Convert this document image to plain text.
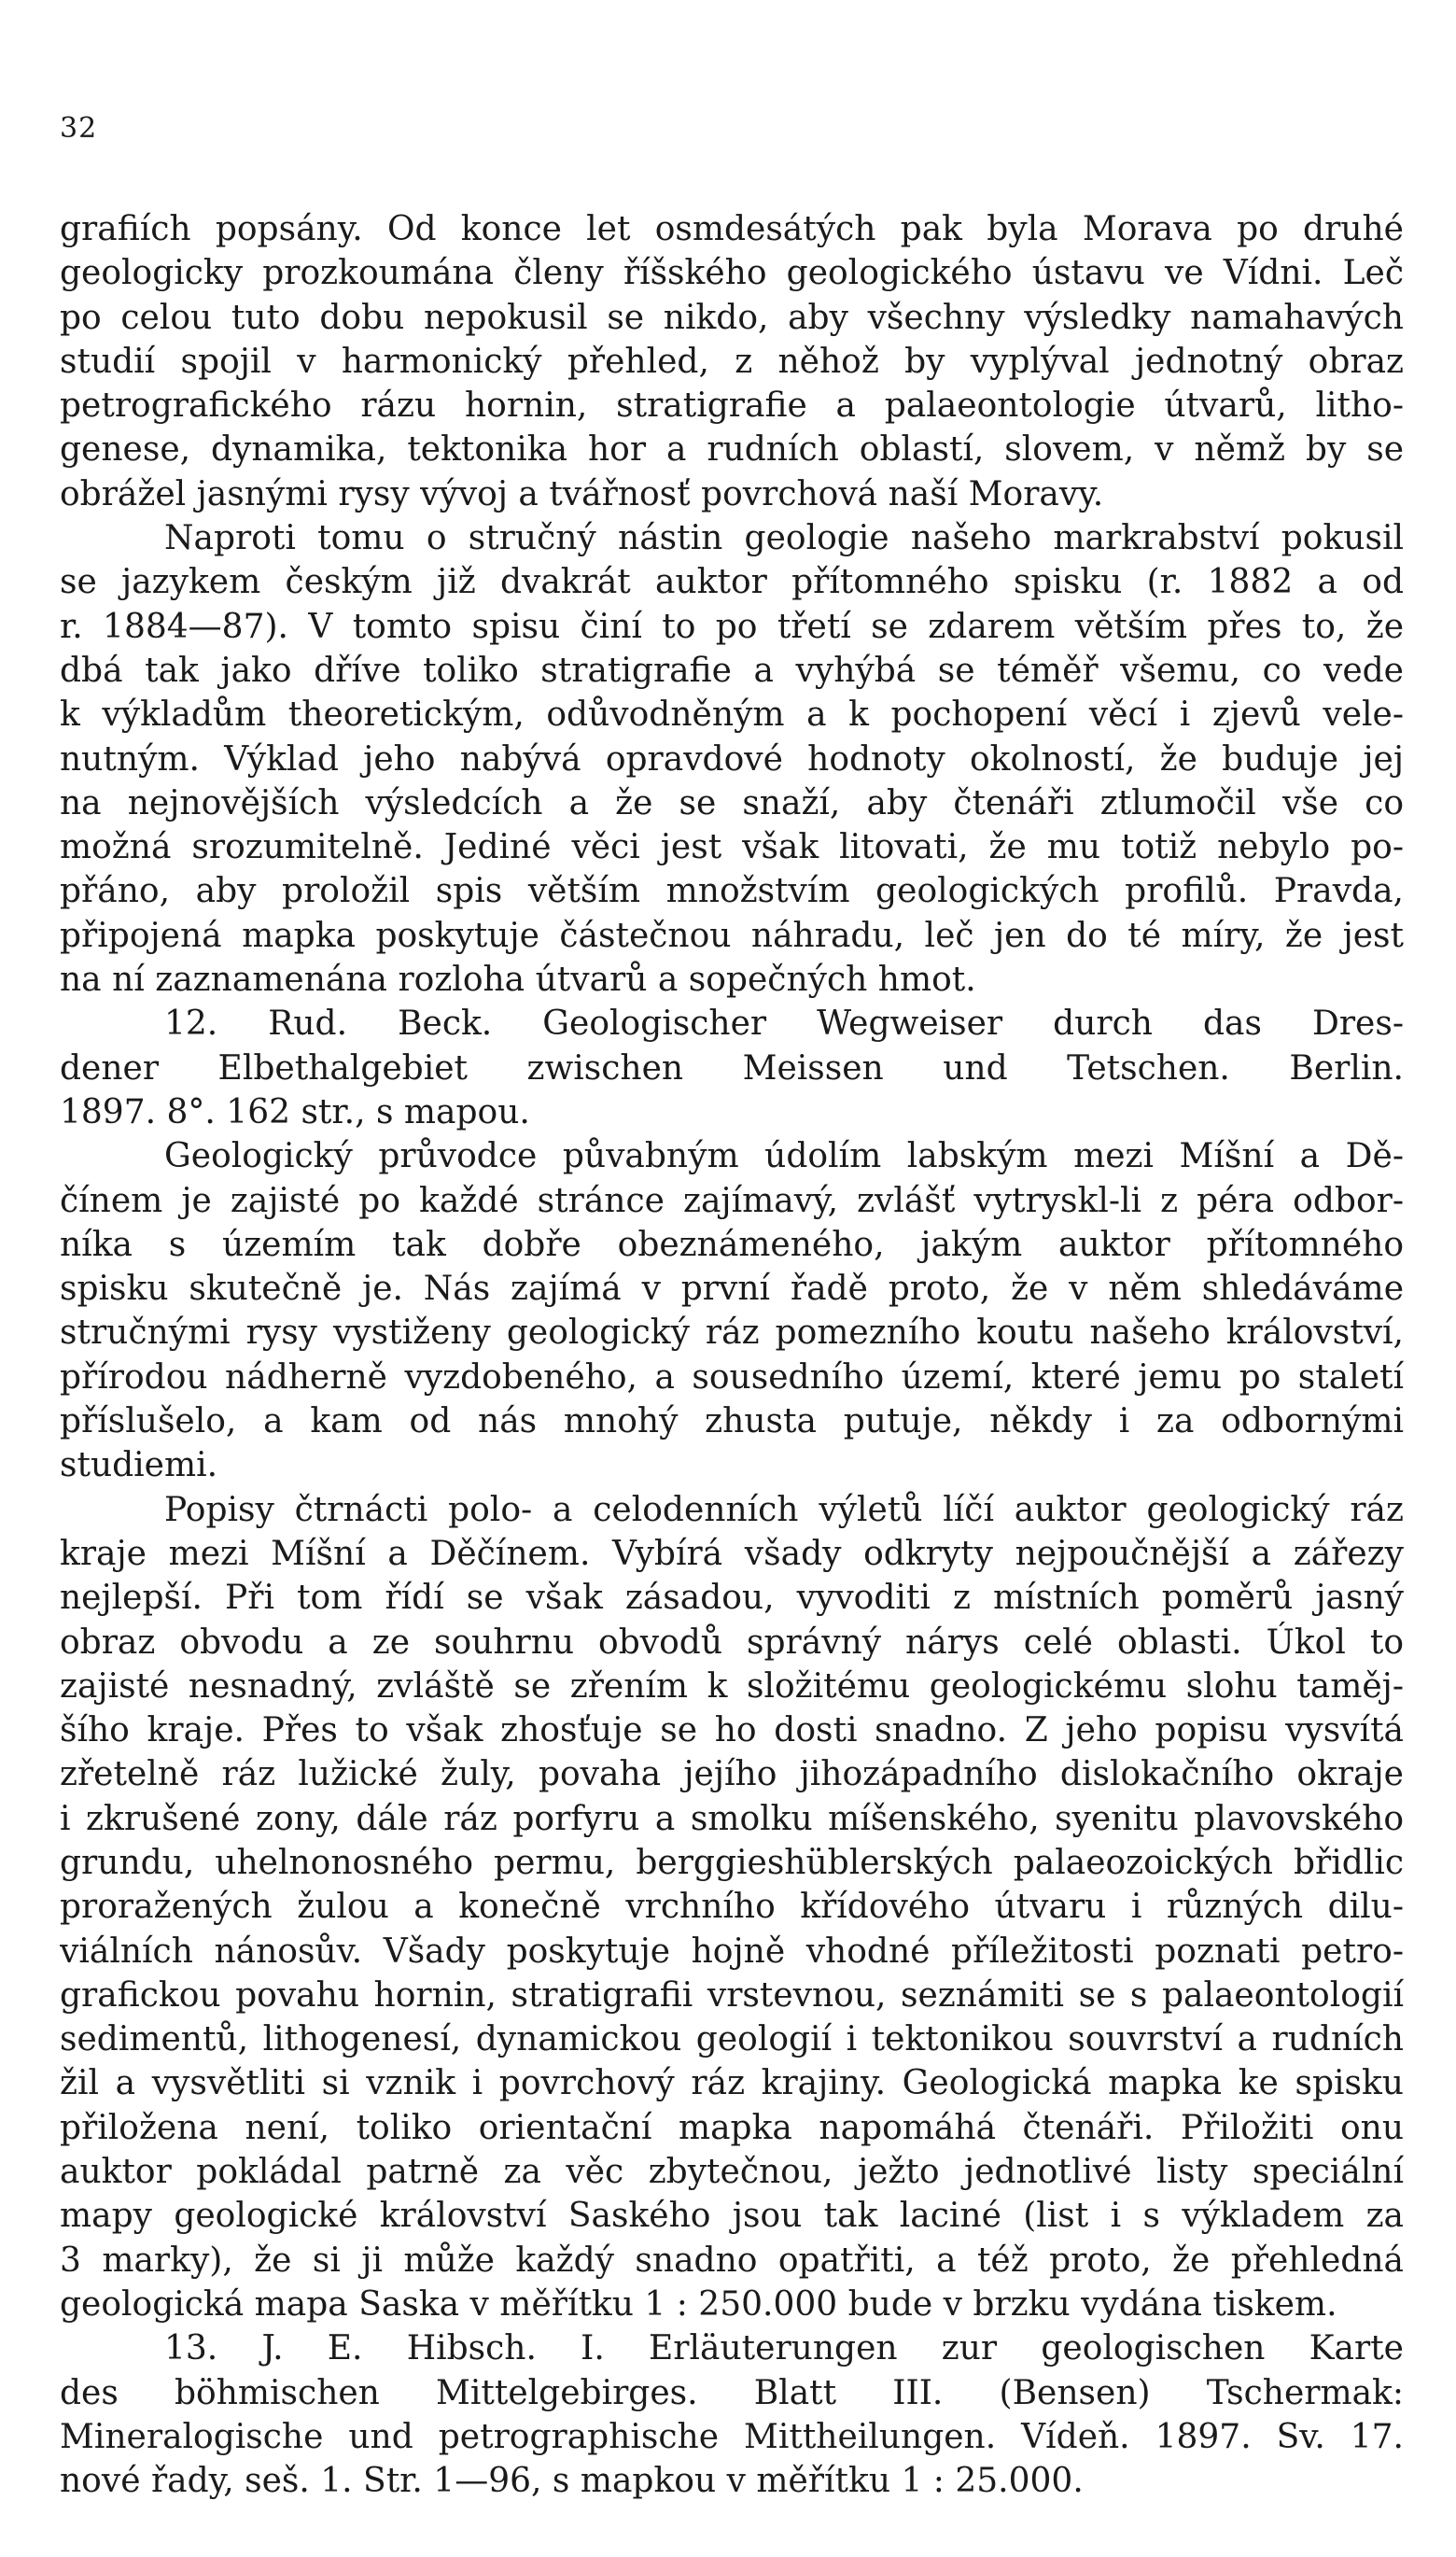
32
grafiích popsány. Od konce let osmdesátých pak byla Morava po druhé
geologicky prozkoumána členy říšského geologického ústavu ve Vídni. Leč
po celou tuto dobu nepokusil se nikdo, aby všechny výsledky namahavých
studií spojil v harmonický přehled, z něhož by vyplýval jednotný obraz
petrografického rázu hornin, stratigrafie a palaeontologie útvarů, litho-
genese, dynamika, tektonika hor a rudních oblastí, slovem, v němž by se
obrážel jasnými rysy vývoj a tvářnosť povrchová naší Moravy.
Naproti tomu o stručný nástin geologie našeho markrabství pokusil
se jazykem českým již dvakrát auktor přítomného spisku (r. 1882 a od
r. 1884—87). V tomto spisu činí to po třetí se zdarem větším přes to, že
dbá tak jako dříve toliko stratigrafie a vyhýbá se téměř všemu, co vede
k výkladům theoretickým, odůvodněným a k pochopení věcí i zjevů vele-
nutným. Výklad jeho nabývá opravdové hodnoty okolností, že buduje jej
na nejnovějších výsledcích a že se snaží, aby čtenáři ztlumočil vše co
možná srozumitelně. Jediné věci jest však litovati, že mu totiž nebylo po-
přáno, aby proložil spis větším množstvím geologických profilů. Pravda,
připojená mapka poskytuje částečnou náhradu, leč jen do té míry, že jest
na ní zaznamenána rozloha útvarů a sopečných hmot.
12. Rud. Beck. Geologischer Wegweiser durch das Dres-
dener Elbethalgebiet zwischen Meissen und Tetschen. Berlin.
1897. 8°. 162 str., s mapou.
Geologický průvodce půvabným údolím labským mezi Míšní a Dě-
čínem je zajisté po každé stránce zajímavý, zvlášť vytryskl-li z péra odbor-
níka s územím tak dobře obeznámeného, jakým auktor přítomného
spisku skutečně je. Nás zajímá v první řadě proto, že v něm shledáváme
stručnými rysy vystiženy geologický ráz pomezního koutu našeho království,
přírodou nádherně vyzdobeného, a sousedního území, které jemu po staletí
příslušelo, a kam od nás mnohý zhusta putuje, někdy i za odbornými
studiemi.
Popisy čtrnácti polo- a celodenních výletů líčí auktor geologický ráz
kraje mezi Míšní a Děčínem. Vybírá všady odkryty nejpoučnější a zářezy
nejlepší. Při tom řídí se však zásadou, vyvoditi z místních poměrů jasný
obraz obvodu a ze souhrnu obvodů správný nárys celé oblasti. Úkol to
zajisté nesnadný, zvláště se zřením k složitému geologickému slohu taměj-
šího kraje. Přes to však zhosťuje se ho dosti snadno. Z jeho popisu vysvítá
zřetelně ráz lužické žuly, povaha jejího jihozápadního dislokačního okraje
i zkrušené zony, dále ráz porfyru a smolku míšenského, syenitu plavovského
grundu, uhelnonosného permu, berggieshüblerských palaeozoických břidlic
proražených žulou a konečně vrchního křídového útvaru i různých dilu-
viálních nánosův. Všady poskytuje hojně vhodné příležitosti poznati petro-
grafickou povahu hornin, stratigrafii vrstevnou, seznámiti se s palaeontologií
sedimentů, lithogenesí, dynamickou geologií i tektonikou souvrství a rudních
žil a vysvětliti si vznik i povrchový ráz krajiny. Geologická mapka ke spisku
přiložena není, toliko orientační mapka napomáhá čtenáři. Přiložiti onu
auktor pokládal patrně za věc zbytečnou, ježto jednotlivé listy speciální
mapy geologické království Saského jsou tak laciné (list i s výkladem za
3 marky), že si ji může každý snadno opatřiti, a též proto, že přehledná
geologická mapa Saska v měřítku 1 : 250.000 bude v brzku vydána tiskem.
13. J. E. Hibsch. I. Erläuterungen zur geologischen Karte
des böhmischen Mittelgebirges. Blatt III. (Bensen) Tschermak:
Mineralogische und petrographische Mittheilungen. Vídeň. 1897. Sv. 17.
nové řady, seš. 1. Str. 1—96, s mapkou v měřítku 1 : 25.000.
